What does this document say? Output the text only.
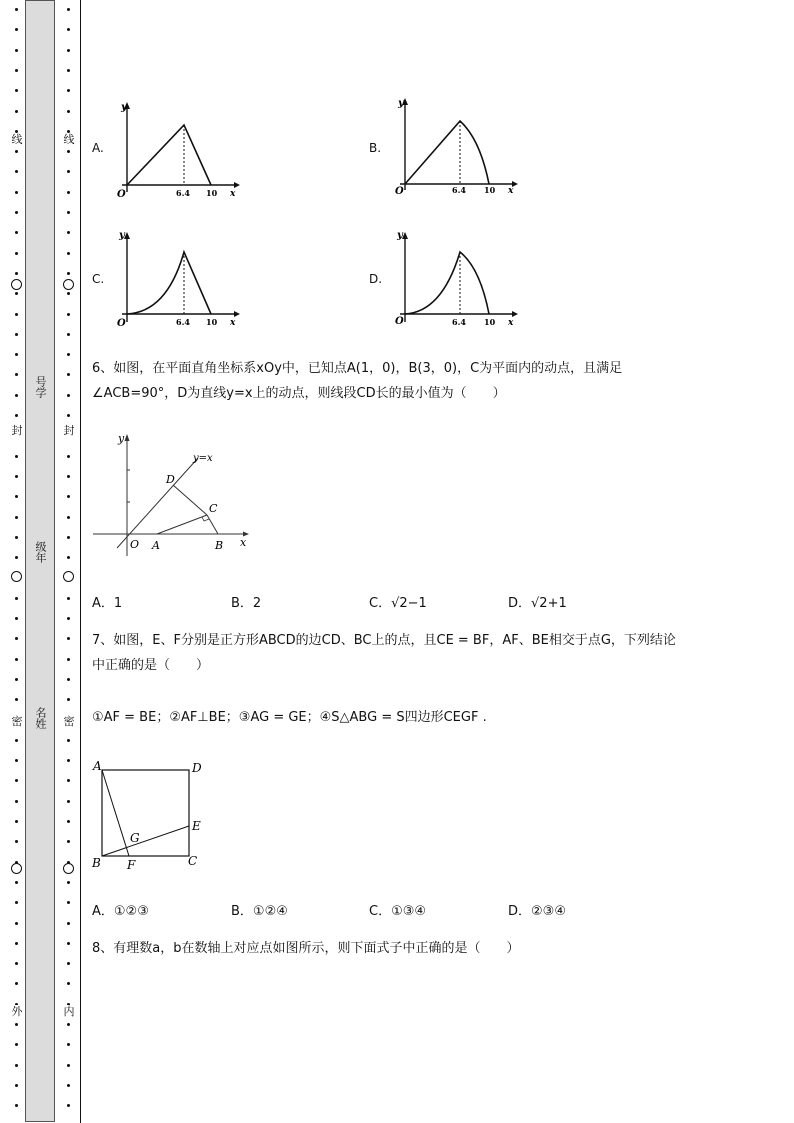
线
封
密
外
号学
级年
名姓
线
封
密
内
A.	B.
C.	D.
y
O	6.4 10 x
y
O	6.4 10 x
y
O	6.4 10 x
y
O	6.4 10 x
6、如图，在平面直角坐标系xOy中，已知点A(1，0)，B(3，0)，C为平面内的动点，且满足
∠ACB=90°，D为直线y=x上的动点，则线段CD长的最小值为（　　）
y
y=x
D
C
O A	B x
A．1	B．2	C．√2−1	D．√2+1
7、如图，E、F分别是正方形ABCD的边CD、BC上的点，且CE = BF，AF、BE相交于点G，下列结论
中正确的是（　　）
①AF = BE；②AF⊥BE；③AG = GE；④S△ABG = S四边形CEGF .
A	D
G
E
B F	C
A．①②③	B．①②④	C．①③④	D．②③④
8、有理数a，b在数轴上对应点如图所示，则下面式子中正确的是（　　）
